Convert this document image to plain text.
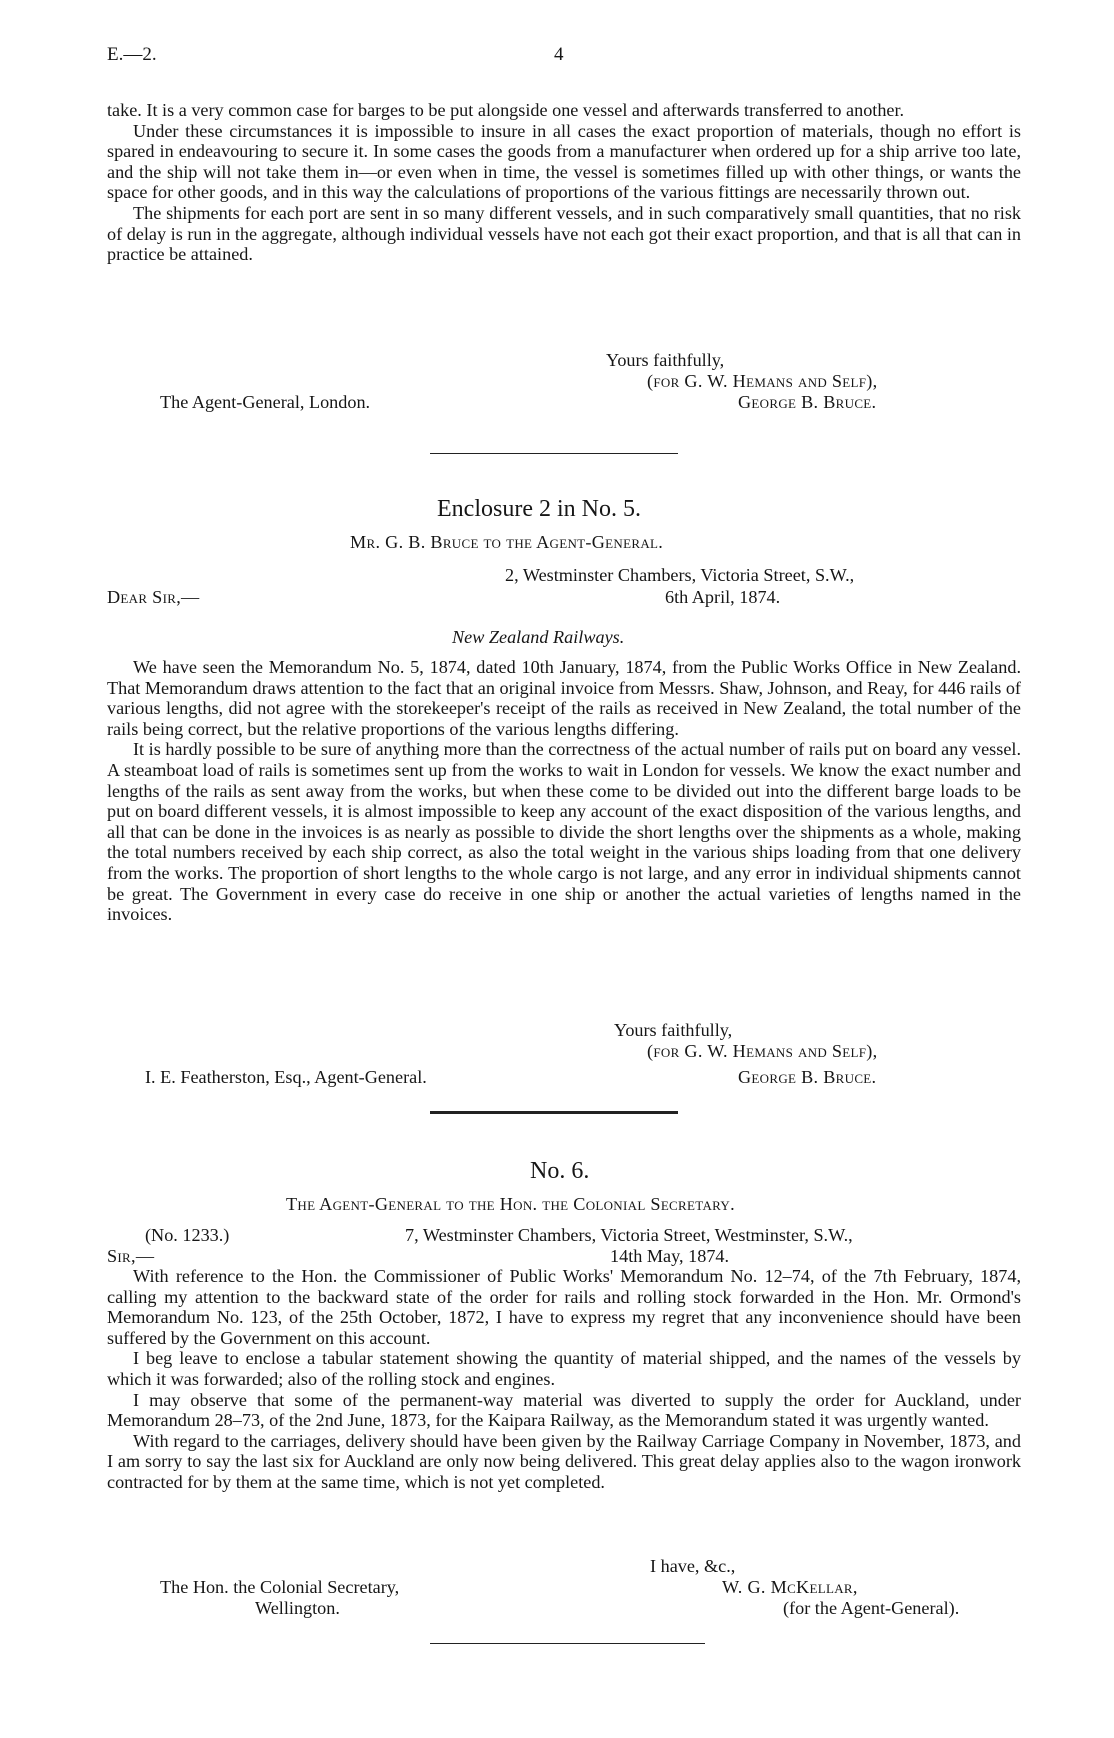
E.—2.	4

take. It is a very common case for barges to be put alongside one vessel and afterwards transferred to another.

Under these circumstances it is impossible to insure in all cases the exact proportion of materials, though no effort is spared in endeavouring to secure it. In some cases the goods from a manufacturer when ordered up for a ship arrive too late, and the ship will not take them in—or even when in time, the vessel is sometimes filled up with other things, or wants the space for other goods, and in this way the calculations of proportions of the various fittings are necessarily thrown out.

The shipments for each port are sent in so many different vessels, and in such comparatively small quantities, that no risk of delay is run in the aggregate, although individual vessels have not each got their exact proportion, and that is all that can in practice be attained.

Yours faithfully,
(for G. W. Hemans and Self),
The Agent-General, London.	George B. Bruce.
Enclosure 2 in No. 5.
Mr. G. B. Bruce to the Agent-General.
2, Westminster Chambers, Victoria Street, S.W.,
Dear Sir,—	6th April, 1874.
New Zealand Railways.

We have seen the Memorandum No. 5, 1874, dated 10th January, 1874, from the Public Works Office in New Zealand. That Memorandum draws attention to the fact that an original invoice from Messrs. Shaw, Johnson, and Reay, for 446 rails of various lengths, did not agree with the storekeeper's receipt of the rails as received in New Zealand, the total number of the rails being correct, but the relative proportions of the various lengths differing.

It is hardly possible to be sure of anything more than the correctness of the actual number of rails put on board any vessel. A steamboat load of rails is sometimes sent up from the works to wait in London for vessels. We know the exact number and lengths of the rails as sent away from the works, but when these come to be divided out into the different barge loads to be put on board different vessels, it is almost impossible to keep any account of the exact disposition of the various lengths, and all that can be done in the invoices is as nearly as possible to divide the short lengths over the shipments as a whole, making the total numbers received by each ship correct, as also the total weight in the various ships loading from that one delivery from the works. The proportion of short lengths to the whole cargo is not large, and any error in individual shipments cannot be great. The Government in every case do receive in one ship or another the actual varieties of lengths named in the invoices.

Yours faithfully,
(for G. W. Hemans and Self),
I. E. Featherston, Esq., Agent-General.	George B. Bruce.
No. 6.
The Agent-General to the Hon. the Colonial Secretary.
(No. 1233.)	7, Westminster Chambers, Victoria Street, Westminster, S.W.,
Sir,—	14th May, 1874.

With reference to the Hon. the Commissioner of Public Works' Memorandum No. 12–74, of the 7th February, 1874, calling my attention to the backward state of the order for rails and rolling stock forwarded in the Hon. Mr. Ormond's Memorandum No. 123, of the 25th October, 1872, I have to express my regret that any inconvenience should have been suffered by the Government on this account.

I beg leave to enclose a tabular statement showing the quantity of material shipped, and the names of the vessels by which it was forwarded; also of the rolling stock and engines.

I may observe that some of the permanent-way material was diverted to supply the order for Auckland, under Memorandum 28–73, of the 2nd June, 1873, for the Kaipara Railway, as the Memorandum stated it was urgently wanted.

With regard to the carriages, delivery should have been given by the Railway Carriage Company in November, 1873, and I am sorry to say the last six for Auckland are only now being delivered. This great delay applies also to the wagon ironwork contracted for by them at the same time, which is not yet completed.

I have, &c.,
The Hon. the Colonial Secretary,	W. G. McKellar,
Wellington.	(for the Agent-General).
